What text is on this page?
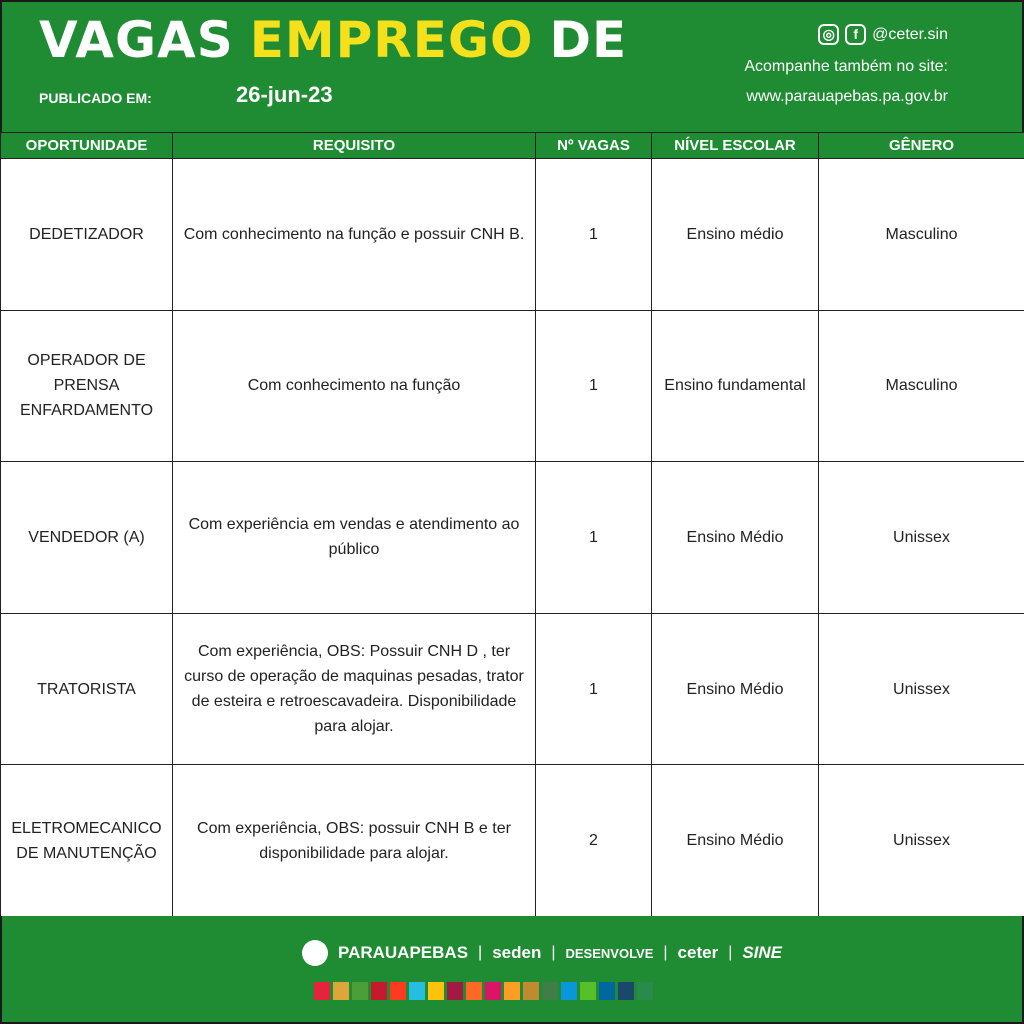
VAGAS EMPREGO DE
PUBLICADO EM:	26-jun-23
◎	f @ceter.sin
Acompanhe também no site:
www.parauapebas.pa.gov.br
OPORTUNIDADE	REQUISITO	Nº VAGAS	NÍVEL ESCOLAR	GÊNERO
DEDETIZADOR	Com conhecimento na função e possuir CNH B.	1	Ensino médio	Masculino
OPERADOR DE PRENSA ENFARDAMENTO	Com conhecimento na função	1	Ensino fundamental	Masculino
VENDEDOR (A)	Com experiência em vendas e atendimento ao público	1	Ensino Médio	Unissex
TRATORISTA	Com experiência, OBS: Possuir CNH D , ter curso de operação de maquinas pesadas, trator de esteira e retroescavadeira. Disponibilidade para alojar.	1	Ensino Médio	Unissex
ELETROMECANICO DE MANUTENÇÃO	Com experiência, OBS: possuir CNH B e ter disponibilidade para alojar.	2	Ensino Médio	Unissex
PARAUAPEBAS | seden | DESENVOLVE | ceter | SINE
